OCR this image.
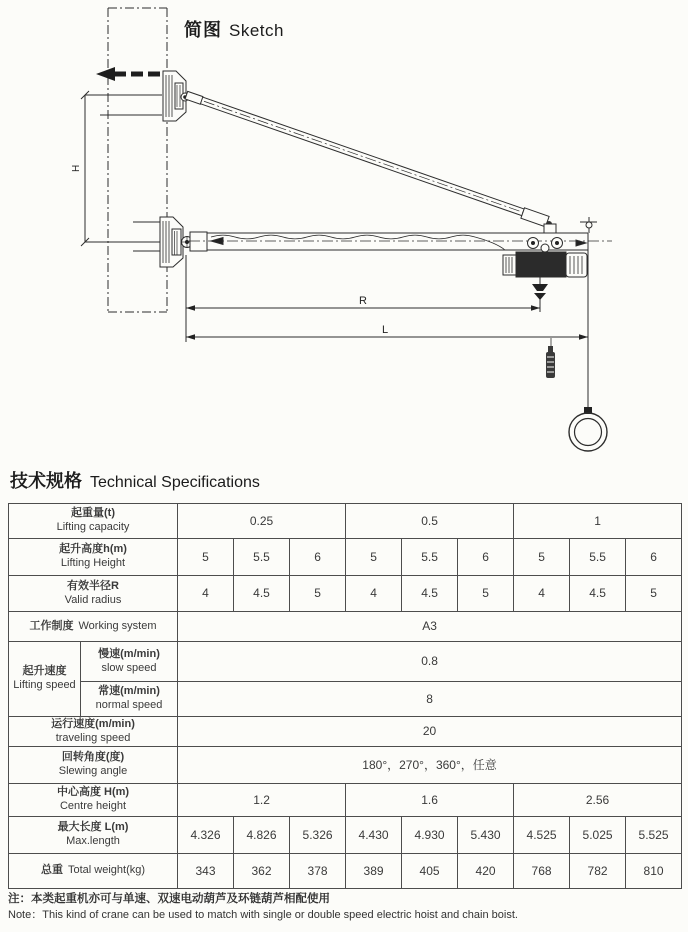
H
R
L
简图 Sketch
技术规格 Technical Specifications
起重量(t)
Lifting capacity		0.25			0.5			1		

起升高度h(m)
Lifting Height		5	5.5	6	5	5.5	6	5	5.5	6

有效半径R
Valid radius		4	4.5	5	4	4.5	5	4	4.5	5
工作制度 Working system		A3								

起升速度
Lifting speed

慢速(m/min)
slow speed	0.8

	常速(m/min)
normal speed	8								

运行速度(m/min)
traveling speed		20								

回转角度(度)
Slewing angle		180°，270°，360°，任意								

中心高度 H(m)
Centre height		1.2			1.6			2.56		

最大长度 L(m)
Max.length		4.326	4.826	5.326	4.430	4.930	5.430	4.525	5.025	5.525
总重 Total weight(kg)		343	362	378	389	405	420	768	782	810
注：本类起重机亦可与单速、双速电动葫芦及环链葫芦相配使用
Note：This kind of crane can be used to match with single or double speed electric hoist and chain boist.
